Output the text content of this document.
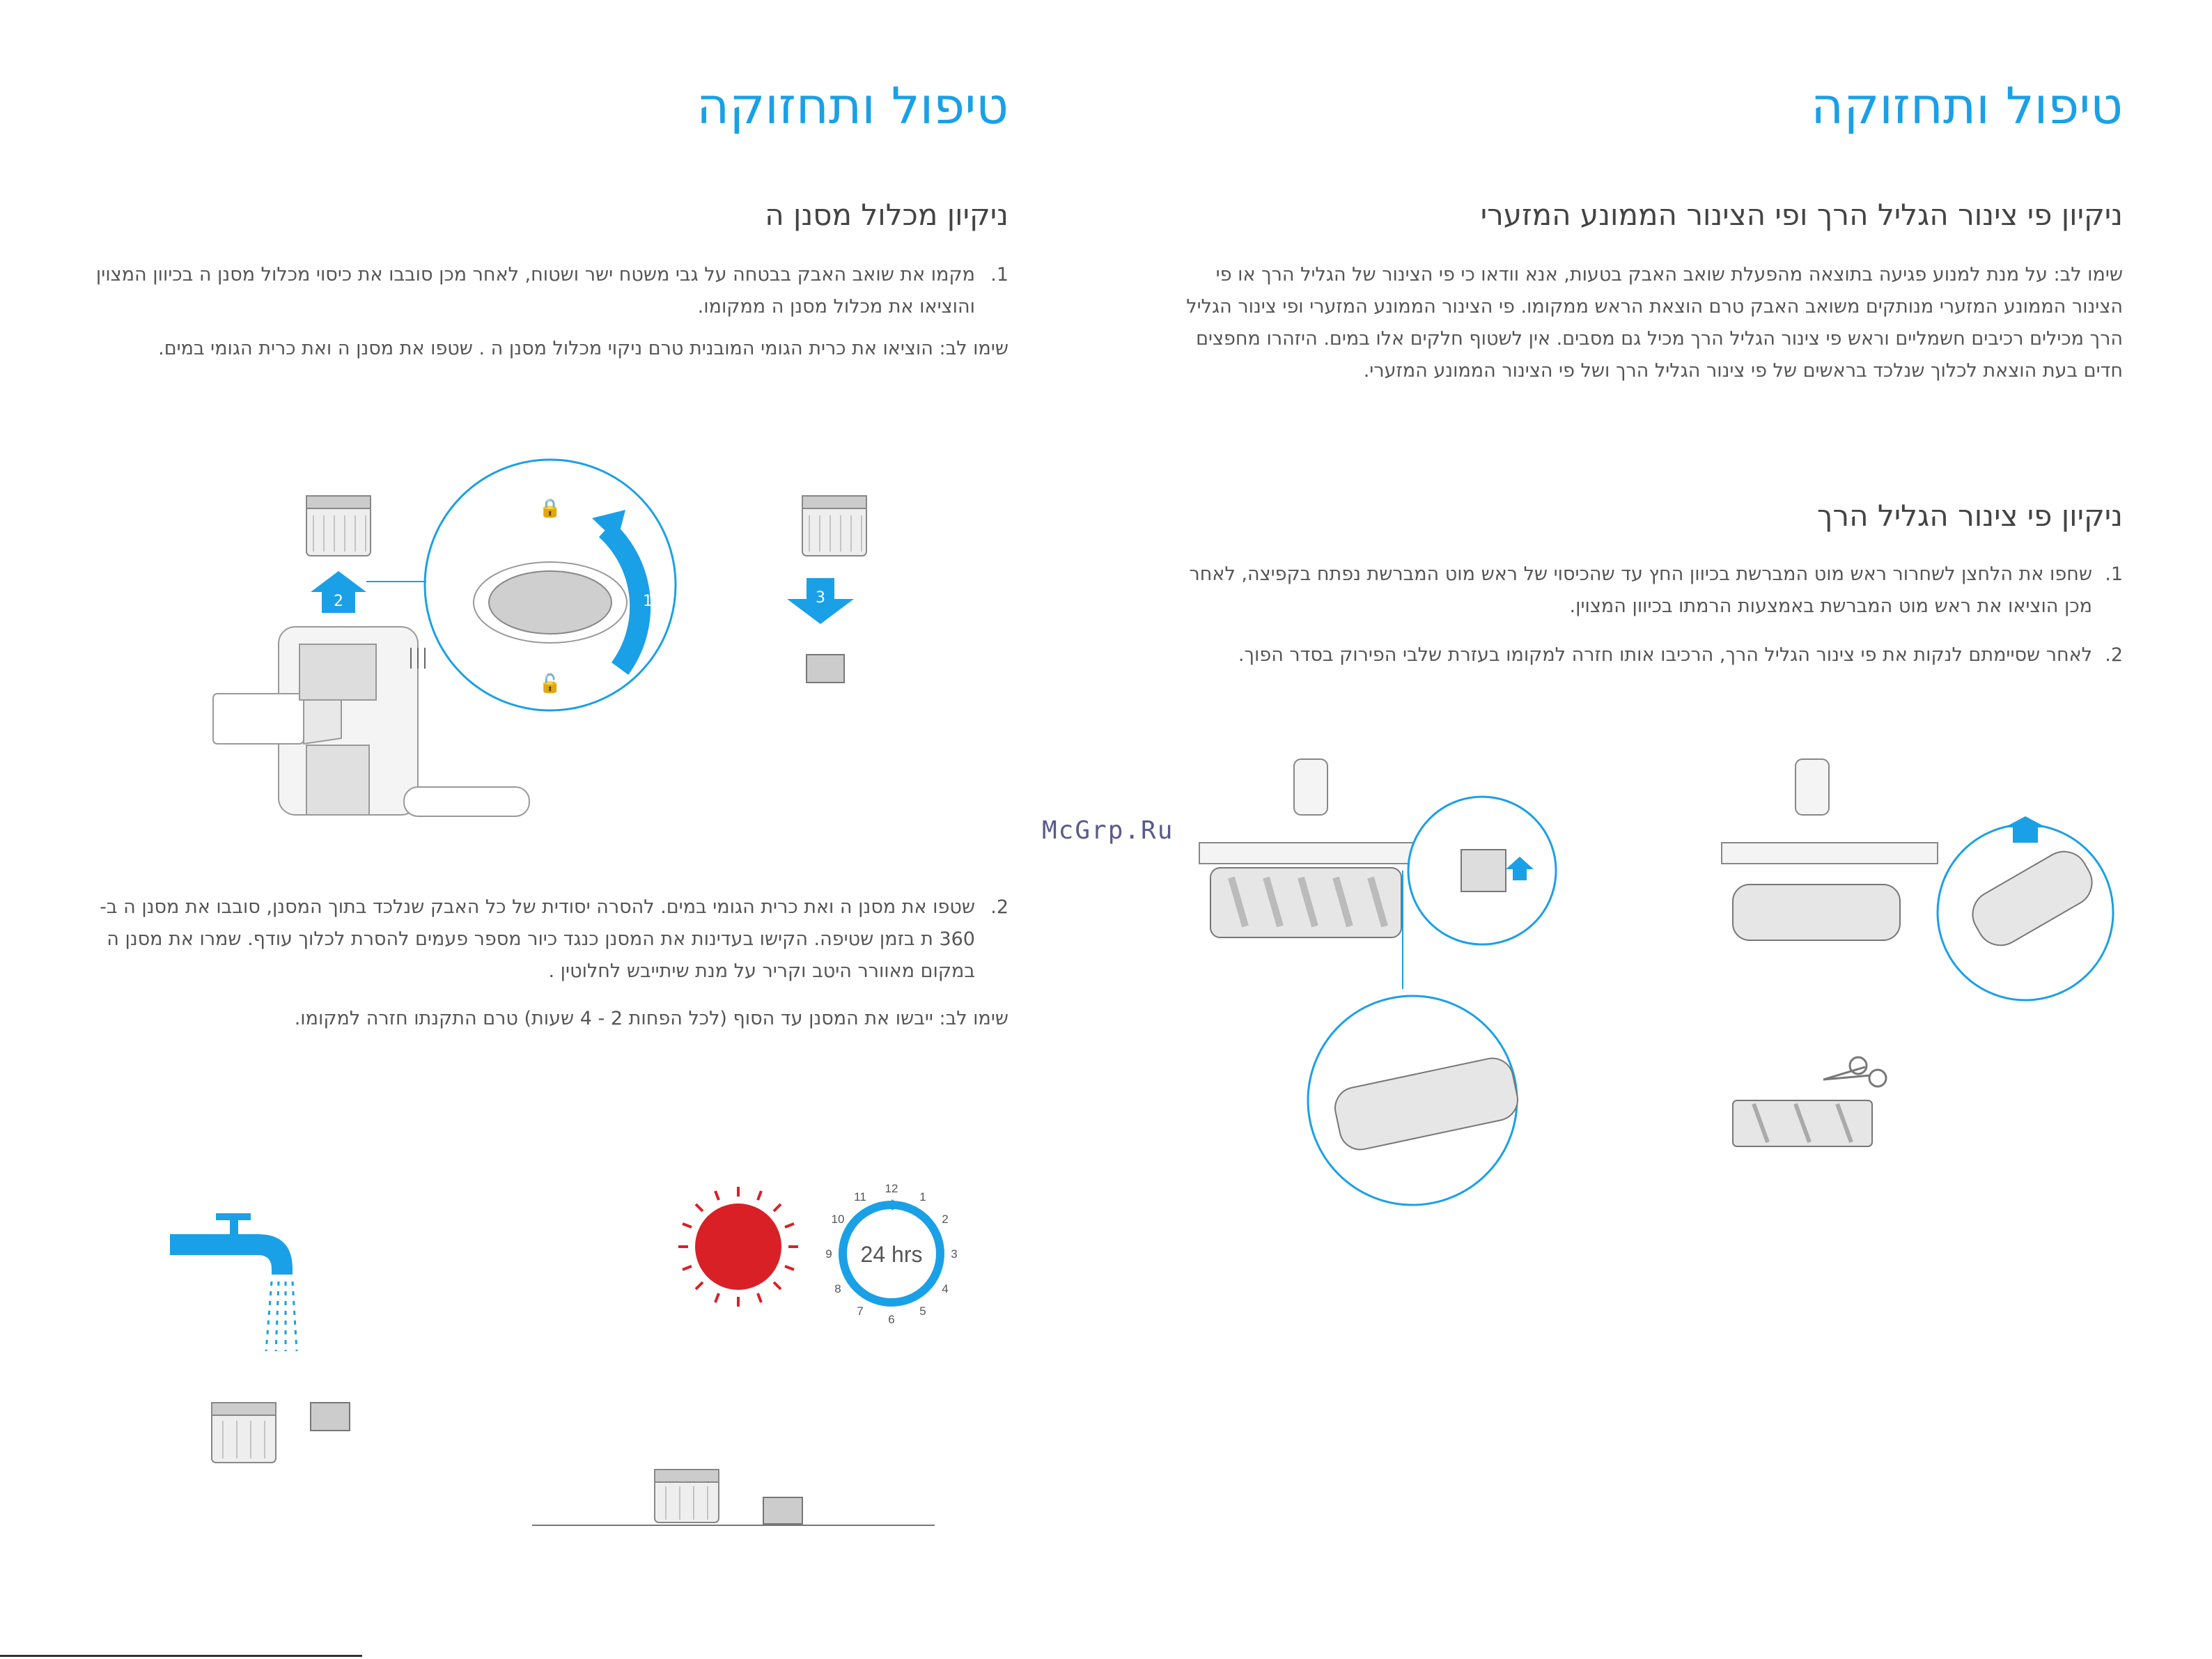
טיפול ותחזוקה
ניקיון מכלול מסנן ה
1.
מקמו את שואב האבק בבטחה על גבי משטח ישר ושטוח, לאחר מכן סובבו את כיסוי מכלול מסנן ה בכיוון המצוין והוציאו את מכלול מסנן ה ממקומו.

שימו לב: הוציאו את כרית הגומי המובנית טרם ניקוי מכלול מסנן ה . שטפו את מסנן ה ואת כרית הגומי במים.

🔒
🔓
1
2	3
2.
שטפו את מסנן ה ואת כרית הגומי במים. להסרה יסודית של כל האבק שנלכד בתוך המסנן, סובבו את מסנן ה ב- 360 ת בזמן שטיפה. הקישו בעדינות את המסנן כנגד כיור מספר פעמים להסרת לכלוך עודף. שמרו את מסנן ה במקום מאוורר היטב וקריר על מנת שיתייבש לחלוטין .

שימו לב: ייבשו את המסנן עד הסוף (לכל הפחות 2 - 4 שעות) טרם התקנתו חזרה למקומו.

24 hrs
12
1
2
3
4
5
6
7
8
9
10
11
טיפול ותחזוקה
ניקיון פי צינור הגליל הרך ופי הצינור הממונע המזערי

שימו לב: על מנת למנוע פגיעה בתוצאה מהפעלת שואב האבק בטעות, אנא וודאו כי פי הצינור של הגליל הרך או פי הצינור הממונע המזערי מנותקים משואב האבק טרם הוצאת הראש ממקומו. פי הצינור הממונע המזערי ופי צינור הגליל הרך מכילים רכיבים חשמליים וראש פי צינור הגליל הרך מכיל גם מסבים. אין לשטוף חלקים אלו במים. היזהרו מחפצים חדים בעת הוצאת לכלוך שנלכד בראשים של פי צינור הגליל הרך ושל פי הצינור הממונע המזערי.

ניקיון פי צינור הגליל הרך
1.
שחפו את הלחצן לשחרור ראש מוט המברשת בכיוון החץ עד שהכיסוי של ראש מוט המברשת נפתח בקפיצה, לאחר מכן הוציאו את ראש מוט המברשת באמצעות הרמתו בכיוון המצוין.
2.
לאחר שסיימתם לנקות את פי צינור הגליל הרך, הרכיבו אותו חזרה למקומו בעזרת שלבי הפירוק בסדר הפוך.
McGrp.Ru
